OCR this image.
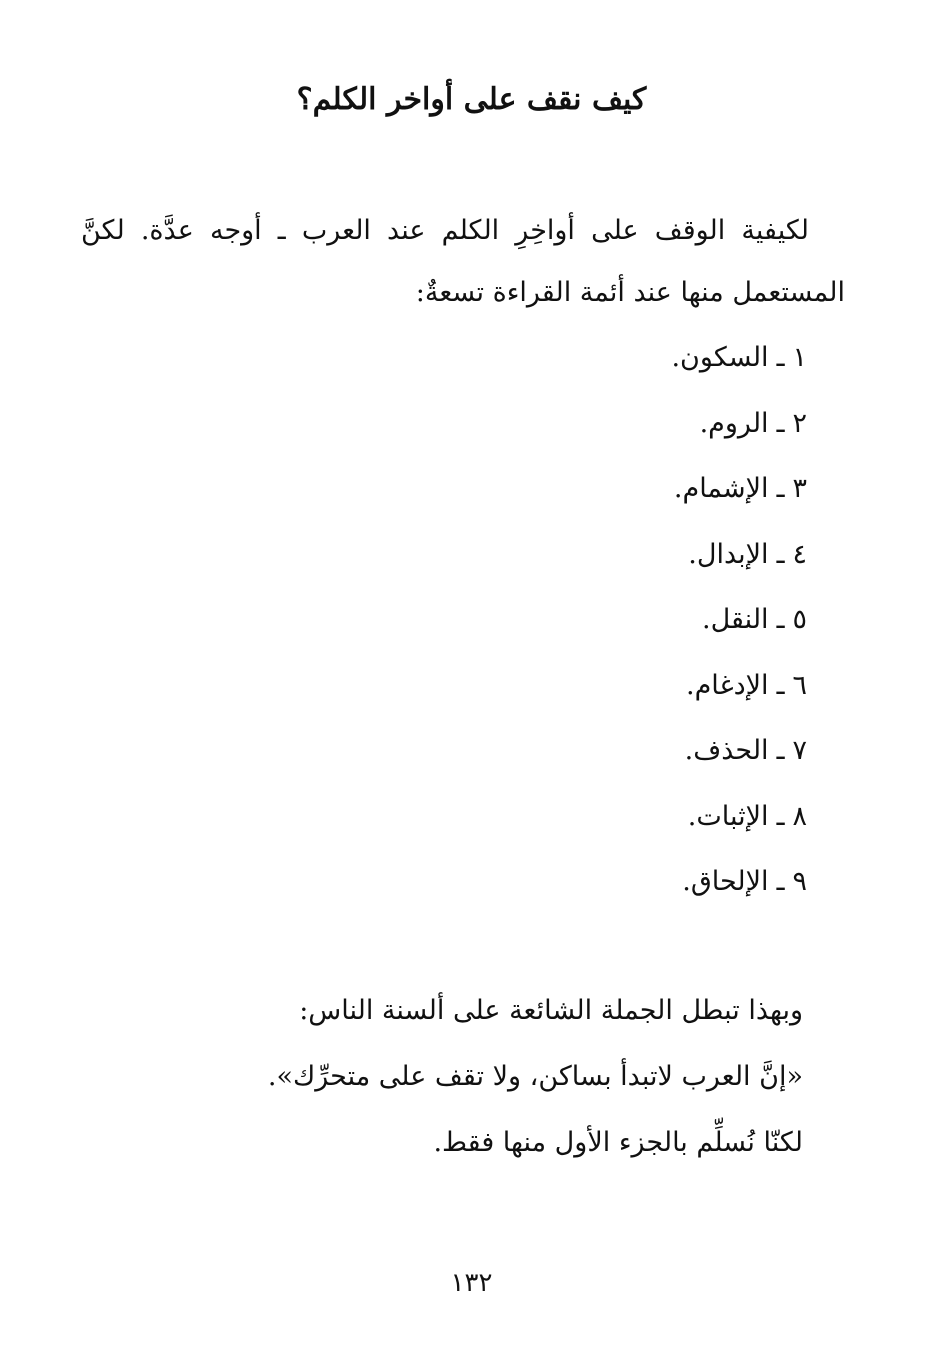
كيف نقف على أواخر الكلم؟

لكيفية الوقف على أواخِرِ الكلم عند العرب ـ أوجه عدَّة. لكنَّ
المستعمل منها عند أئمة القراءة تسعةٌ:

١ـالسكون.
٢ـالروم.
٣ـالإشمام.
٤ـالإبدال.
٥ـالنقل.
٦ـالإدغام.
٧ـالحذف.
٨ـالإثبات.
٩ـالإلحاق.

وبهذا تبطل الجملة الشائعة على ألسنة الناس:

«إنَّ العرب لاتبدأ بساكن، ولا تقف على متحرِّك».

لكنّا نُسلِّم بالجزء الأول منها فقط.

١٣٢
